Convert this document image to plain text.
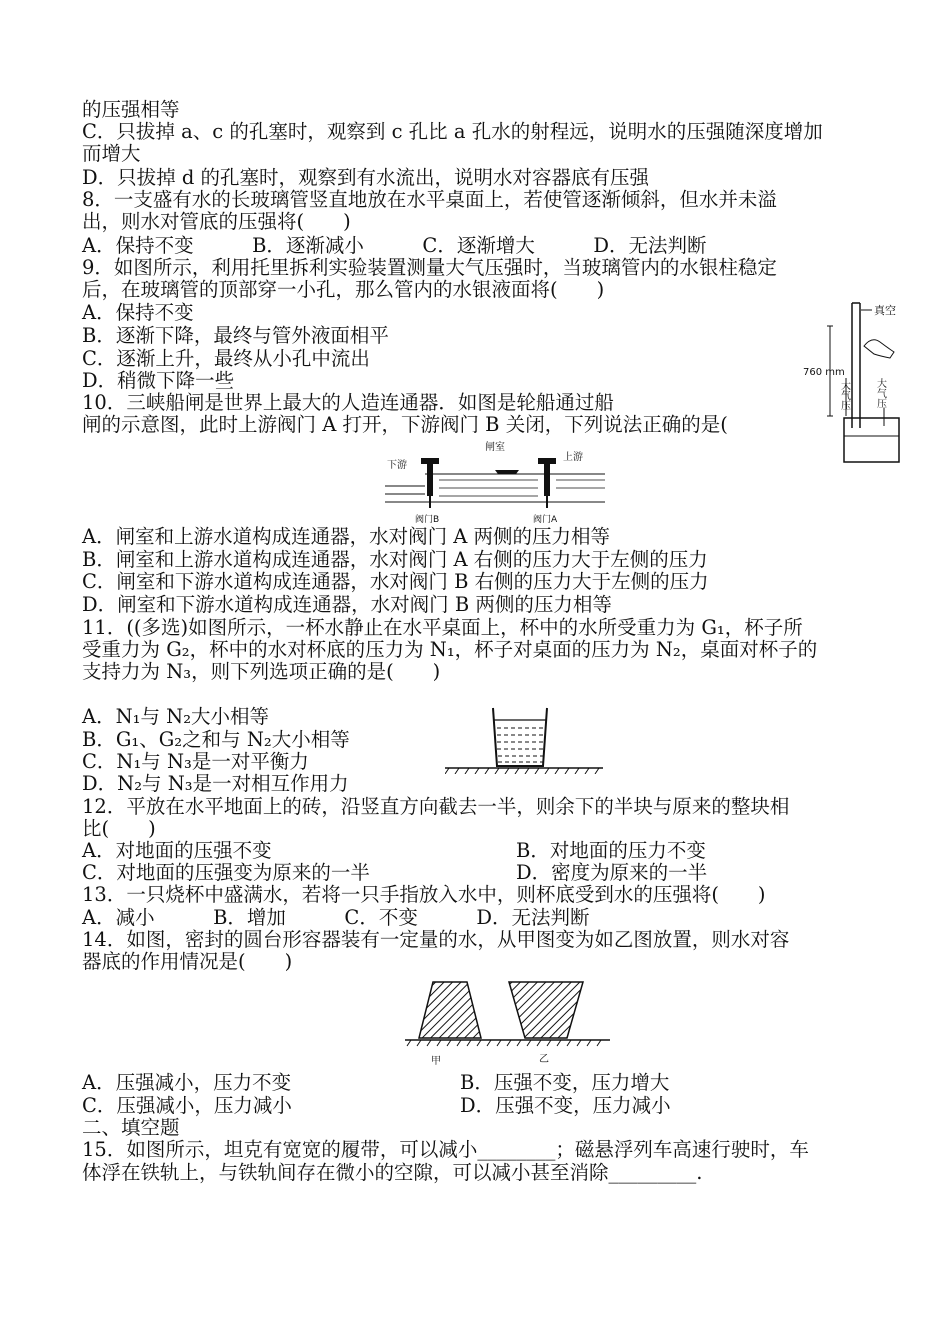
的压强相等
C．只拔掉 a、c 的孔塞时，观察到 c 孔比 a 孔水的射程远，说明水的压强随深度增加
而增大
D．只拔掉 d 的孔塞时，观察到有水流出，说明水对容器底有压强
8．一支盛有水的长玻璃管竖直地放在水平桌面上，若使管逐渐倾斜，但水并未溢
出，则水对管底的压强将(　　)
A．保持不变　　　B．逐渐减小　　　C．逐渐增大　　　D．无法判断
9．如图所示，利用托里拆利实验装置测量大气压强时，当玻璃管内的水银柱稳定
后，在玻璃管的顶部穿一小孔，那么管内的水银液面将(　　)
A．保持不变
B．逐渐下降，最终与管外液面相平
C．逐渐上升，最终从小孔中流出
D．稍微下降一些
10．三峡船闸是世界上最大的人造连通器．如图是轮船通过船
闸的示意图，此时上游阀门 A 打开，下游阀门 B 关闭，下列说法正确的是(
真空
760 mm
大气压	大气压
闸室
下游
上游
阀门B	阀门A
A．闸室和上游水道构成连通器，水对阀门 A 两侧的压力相等
B．闸室和上游水道构成连通器，水对阀门 A 右侧的压力大于左侧的压力
C．闸室和下游水道构成连通器，水对阀门 B 右侧的压力大于左侧的压力
D．闸室和下游水道构成连通器，水对阀门 B 两侧的压力相等
11．((多选)如图所示，一杯水静止在水平桌面上，杯中的水所受重力为 G₁，杯子所
受重力为 G₂，杯中的水对杯底的压力为 N₁，杯子对桌面的压力为 N₂，桌面对杯子的
支持力为 N₃，则下列选项正确的是(　　)
A．N₁与 N₂大小相等
B．G₁、G₂之和与 N₂大小相等
C．N₁与 N₃是一对平衡力
D．N₂与 N₃是一对相互作用力
12．平放在水平地面上的砖，沿竖直方向截去一半，则余下的半块与原来的整块相
比(　　)
A．对地面的压强不变	B．对地面的压力不变
C．对地面的压强变为原来的一半	D．密度为原来的一半
13．一只烧杯中盛满水，若将一只手指放入水中，则杯底受到水的压强将(　　)
A．减小　　　B．增加　　　C．不变　　　D．无法判断
14．如图，密封的圆台形容器装有一定量的水，从甲图变为如乙图放置，则水对容
器底的作用情况是(　　)
甲	乙
A．压强减小，压力不变	B．压强不变，压力增大
C．压强减小，压力减小	D．压强不变，压力减小
二、填空题
15．如图所示，坦克有宽宽的履带，可以减小________；磁悬浮列车高速行驶时，车
体浮在铁轨上，与铁轨间存在微小的空隙，可以减小甚至消除_________.
